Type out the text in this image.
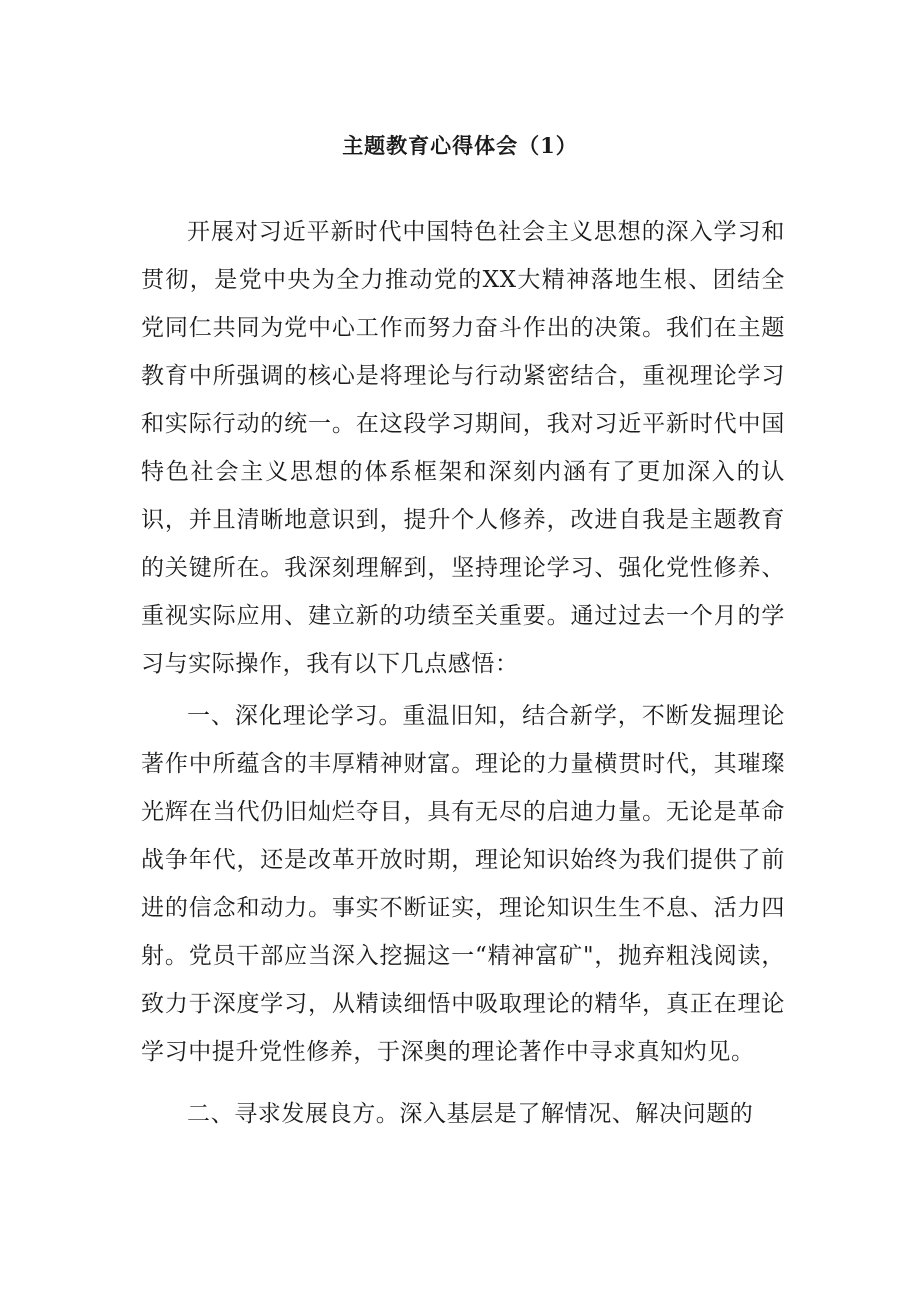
主题教育心得体会（1）

开展对习近平新时代中国特色社会主义思想的深入学习和贯彻，是党中央为全力推动党的XX大精神落地生根、团结全党同仁共同为党中心工作而努力奋斗作出的决策。我们在主题教育中所强调的核心是将理论与行动紧密结合，重视理论学习和实际行动的统一。在这段学习期间，我对习近平新时代中国特色社会主义思想的体系框架和深刻内涵有了更加深入的认识，并且清晰地意识到，提升个人修养，改进自我是主题教育的关键所在。我深刻理解到，坚持理论学习、强化党性修养、重视实际应用、建立新的功绩至关重要。通过过去一个月的学习与实际操作，我有以下几点感悟：

一、深化理论学习。重温旧知，结合新学，不断发掘理论著作中所蕴含的丰厚精神财富。理论的力量横贯时代，其璀璨光辉在当代仍旧灿烂夺目，具有无尽的启迪力量。无论是革命战争年代，还是改革开放时期，理论知识始终为我们提供了前进的信念和动力。事实不断证实，理论知识生生不息、活力四射。党员干部应当深入挖掘这一“精神富矿"，抛弃粗浅阅读，致力于深度学习，从精读细悟中吸取理论的精华，真正在理论学习中提升党性修养，于深奥的理论著作中寻求真知灼见。

二、寻求发展良方。深入基层是了解情况、解决问题的
